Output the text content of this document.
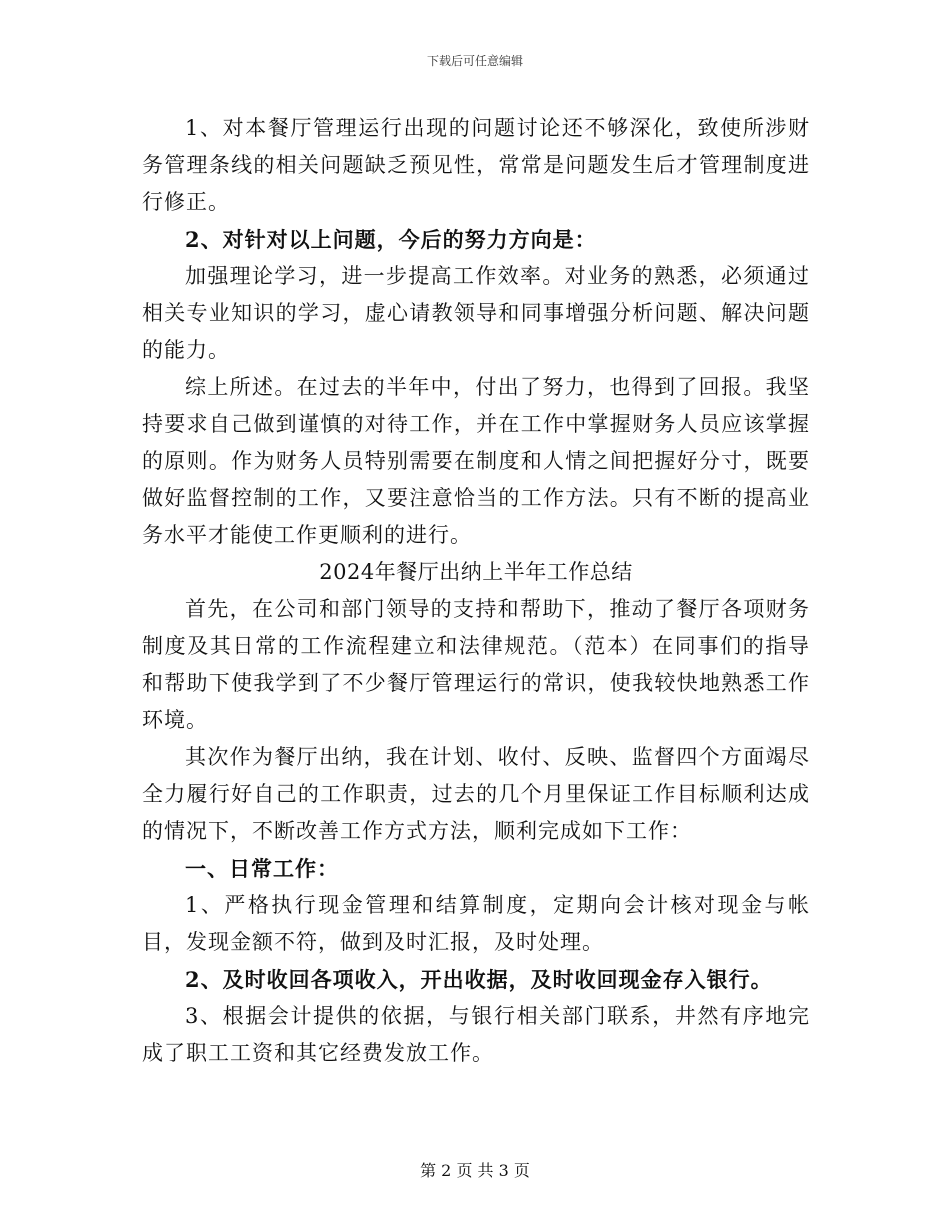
下载后可任意编辑

1、对本餐厅管理运行出现的问题讨论还不够深化，致使所涉财务管理条线的相关问题缺乏预见性，常常是问题发生后才管理制度进行修正。

2、对针对以上问题，今后的努力方向是：

加强理论学习，进一步提高工作效率。对业务的熟悉，必须通过相关专业知识的学习，虚心请教领导和同事增强分析问题、解决问题的能力。

综上所述。在过去的半年中，付出了努力，也得到了回报。我坚持要求自己做到谨慎的对待工作，并在工作中掌握财务人员应该掌握的原则。作为财务人员特别需要在制度和人情之间把握好分寸，既要做好监督控制的工作，又要注意恰当的工作方法。只有不断的提高业务水平才能使工作更顺利的进行。

2024年餐厅出纳上半年工作总结

首先，在公司和部门领导的支持和帮助下，推动了餐厅各项财务制度及其日常的工作流程建立和法律规范。（范本）在同事们的指导和帮助下使我学到了不少餐厅管理运行的常识，使我较快地熟悉工作环境。

其次作为餐厅出纳，我在计划、收付、反映、监督四个方面竭尽全力履行好自己的工作职责，过去的几个月里保证工作目标顺利达成的情况下，不断改善工作方式方法，顺利完成如下工作：

一、日常工作：

1、严格执行现金管理和结算制度，定期向会计核对现金与帐目，发现金额不符，做到及时汇报，及时处理。

2、及时收回各项收入，开出收据，及时收回现金存入银行。

3、根据会计提供的依据，与银行相关部门联系，井然有序地完成了职工工资和其它经费发放工作。

第 2 页 共 3 页
